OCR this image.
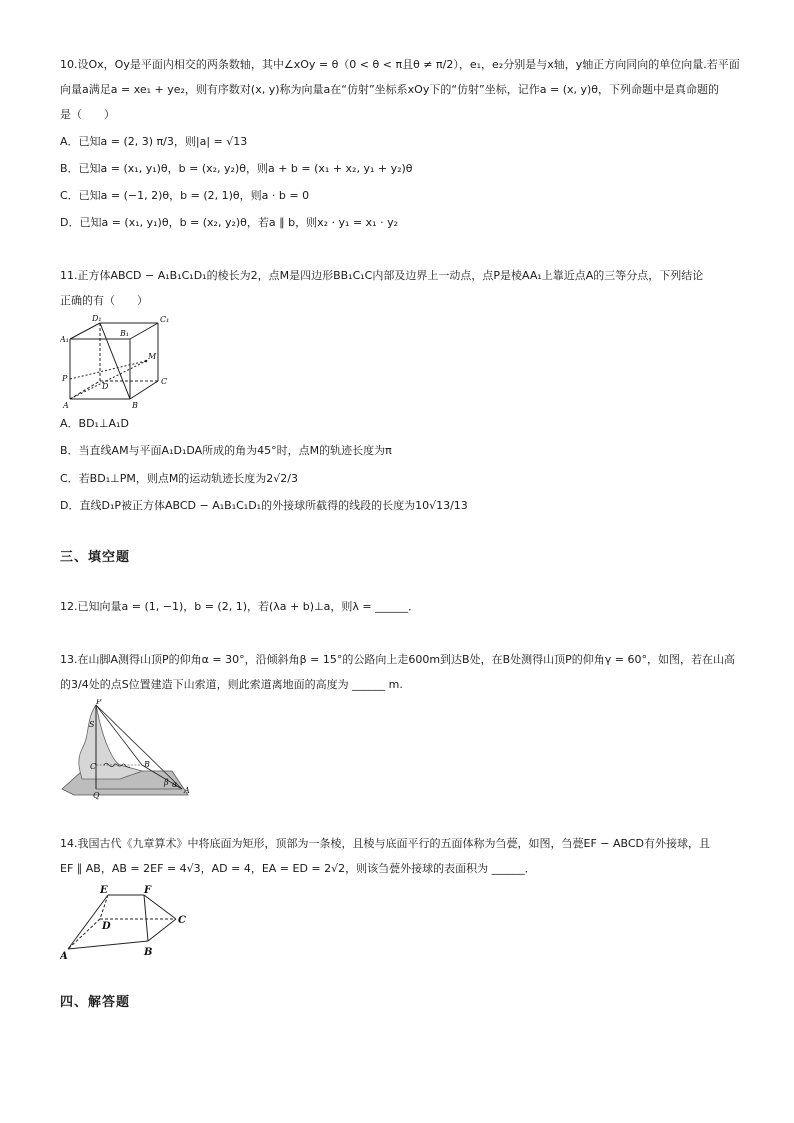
10.设Ox，Oy是平面内相交的两条数轴，其中∠xOy = θ（0 < θ < π且θ ≠ π/2），e₁，e₂分别是与x轴，y轴正方向同向的单位向量.若平面

向量a满足a = xe₁ + ye₂，则有序数对(x, y)称为向量a在“仿射”坐标系xOy下的“仿射”坐标，记作a = (x, y)θ，下列命题中是真命题的

是（　　）

A．已知a = (2, 3) π/3，则|a| = √13

B．已知a = (x₁, y₁)θ，b = (x₂, y₂)θ，则a + b = (x₁ + x₂, y₁ + y₂)θ

C．已知a = (−1, 2)θ，b = (2, 1)θ，则a · b = 0

D．已知a = (x₁, y₁)θ，b = (x₂, y₂)θ，若a ∥ b，则x₂ · y₁ = x₁ · y₂

11.正方体ABCD − A₁B₁C₁D₁的棱长为2，点M是四边形BB₁C₁C内部及边界上一动点，点P是棱AA₁上靠近点A的三等分点，下列结论

正确的有（　　）

D₁	C₁
A₁
B₁
M
P
D
C
A	B

A．BD₁⊥A₁D

B．当直线AM与平面A₁D₁DA所成的角为45°时，点M的轨迹长度为π

C．若BD₁⊥PM，则点M的运动轨迹长度为2√2/3

D．直线D₁P被正方体ABCD − A₁B₁C₁D₁的外接球所截得的线段的长度为10√13/13

三、填空题

12.已知向量a = (1, −1)，b = (2, 1)，若(λa + b)⊥a，则λ = ______．

13.在山脚A测得山顶P的仰角α = 30°，沿倾斜角β = 15°的公路向上走600m到达B处，在B处测得山顶P的仰角γ = 60°，如图，若在山高

的3/4处的点S位置建造下山索道，则此索道离地面的高度为 ______ m.

P
S
C	B
Q
A
β α

14.我国古代《九章算术》中将底面为矩形，顶部为一条棱，且棱与底面平行的五面体称为刍甍，如图，刍甍EF − ABCD有外接球，且

EF ∥ AB，AB = 2EF = 4√3，AD = 4，EA = ED = 2√2，则该刍甍外接球的表面积为 ______．

E	F
D
C
A	B
四、解答题
